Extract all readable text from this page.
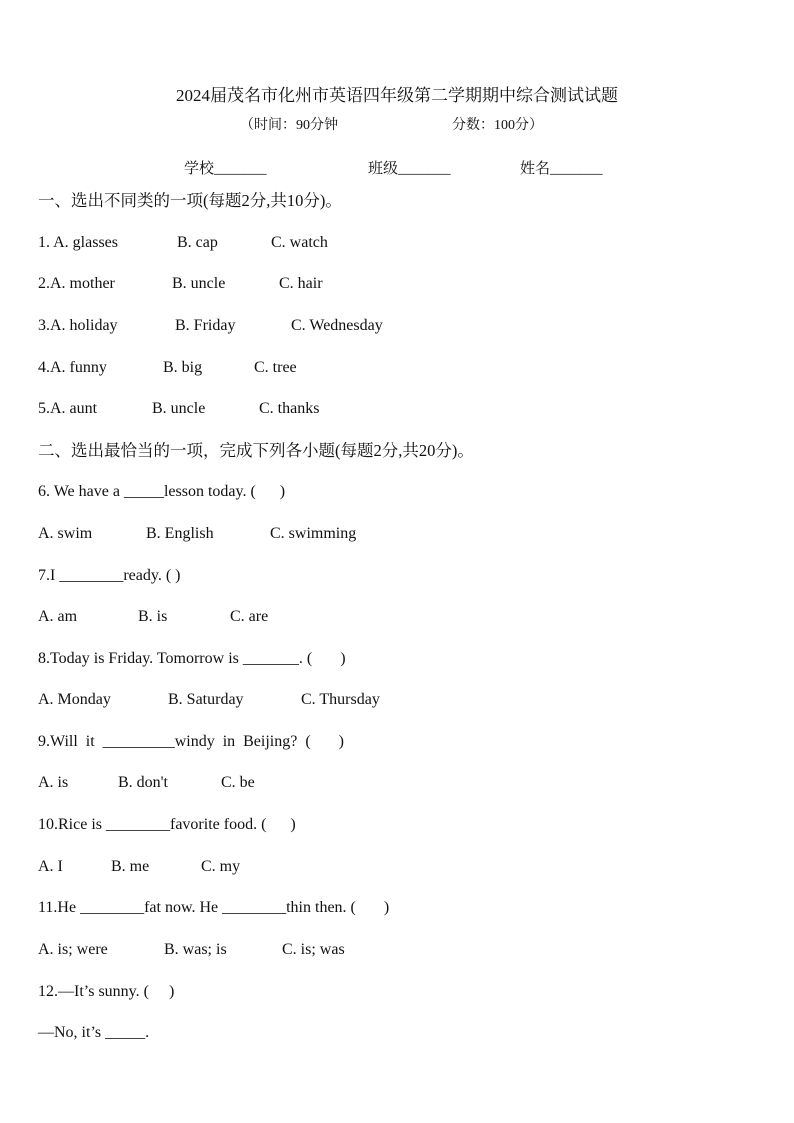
2024届茂名市化州市英语四年级第二学期期中综合测试试题
（时间：90分钟	分数：100分）
学校_______	班级_______	姓名_______
一、选出不同类的一项(每题2分,共10分)。
1. A. glasses	B. cap	C. watch
2.A. mother	B. uncle	C. hair
3.A. holiday	B. Friday	C. Wednesday
4.A. funny	B. big	C. tree
5.A. aunt	B. uncle	C. thanks
二、选出最恰当的一项，完成下列各小题(每题2分,共20分)。
6. We have a _____lesson today. (      )
A. swim	B. English	C. swimming
7.I ________ready. ( )
A. am	B. is	C. are
8.Today is Friday. Tomorrow is _______. (       )
A. Monday	B. Saturday	C. Thursday
9.Will  it  _________windy  in  Beijing?  (       )
A. is	B. don't	C. be
10.Rice is ________favorite food. (      )
A. I	B. me	C. my
11.He ________fat now. He ________thin then. (       )
A. is; were	B. was; is	C. is; was
12.—It’s sunny. (     )
—No, it’s _____.
